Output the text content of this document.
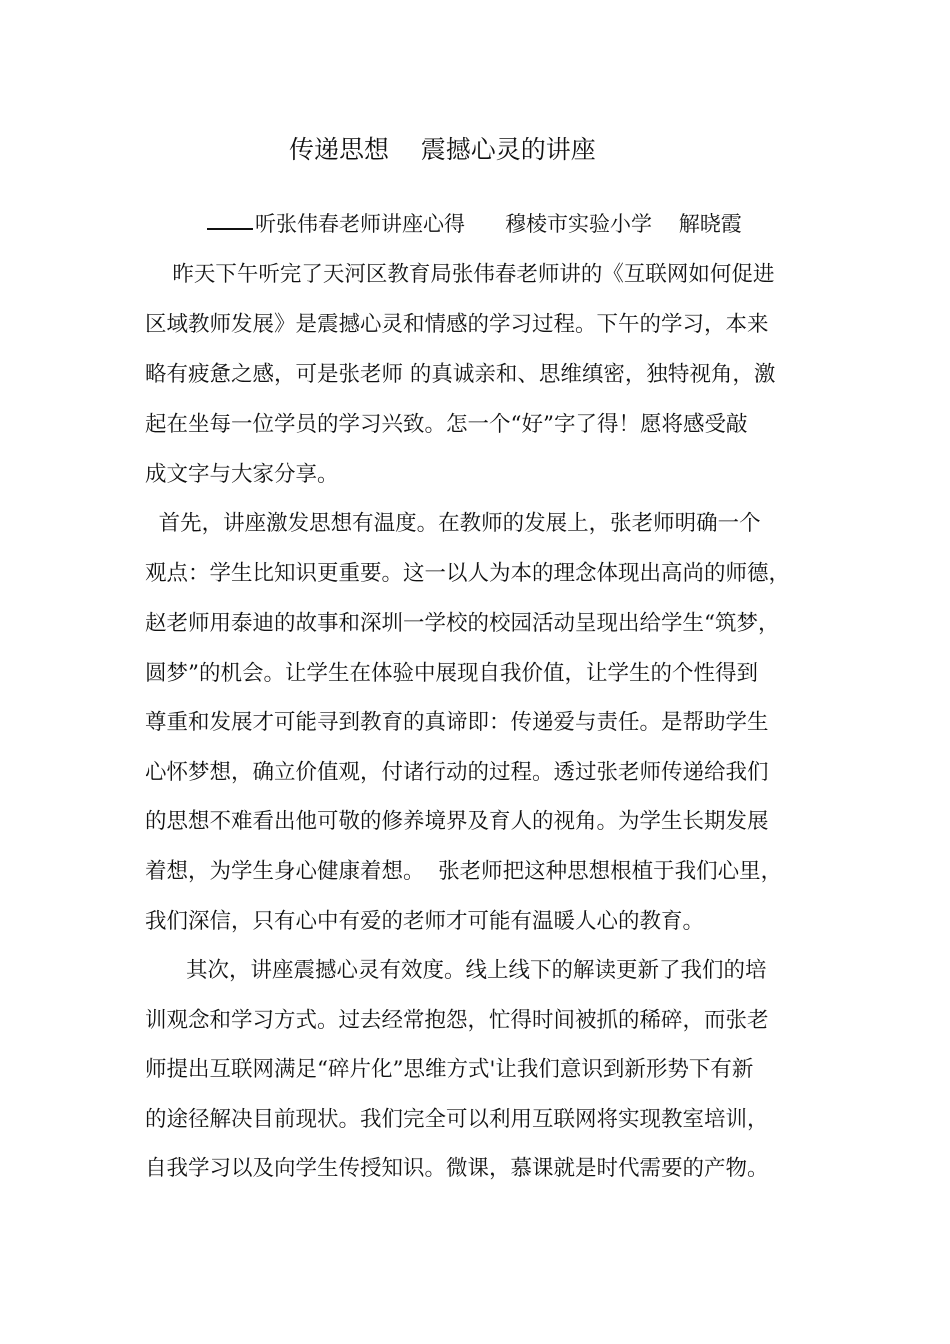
传递思想    震撼心灵的讲座
听张伟春老师讲座心得      穆棱市实验小学    解晓霞
昨天下午听完了天河区教育局张伟春老师讲的《互联网如何促进
区域教师发展》是震撼心灵和情感的学习过程。下午的学习，本来
略有疲惫之感，可是张老师 的真诚亲和、思维缜密，独特视角，激
起在坐每一位学员的学习兴致。怎一个“好”字了得！愿将感受敲
成文字与大家分享。
首先，讲座激发思想有温度。在教师的发展上，张老师明确一个
观点：学生比知识更重要。这一以人为本的理念体现出高尚的师德，
赵老师用泰迪的故事和深圳一学校的校园活动呈现出给学生“筑梦，
圆梦”的机会。让学生在体验中展现自我价值，让学生的个性得到
尊重和发展才可能寻到教育的真谛即：传递爱与责任。是帮助学生
心怀梦想，确立价值观，付诸行动的过程。透过张老师传递给我们
的思想不难看出他可敬的修养境界及育人的视角。为学生长期发展
着想，为学生身心健康着想。  张老师把这种思想根植于我们心里，
我们深信，只有心中有爱的老师才可能有温暖人心的教育。
其次，讲座震撼心灵有效度。线上线下的解读更新了我们的培
训观念和学习方式。过去经常抱怨，忙得时间被抓的稀碎，而张老
师提出互联网满足“碎片化”思维方式'让我们意识到新形势下有新
的途径解决目前现状。我们完全可以利用互联网将实现教室培训，
自我学习以及向学生传授知识。微课，慕课就是时代需要的产物。
